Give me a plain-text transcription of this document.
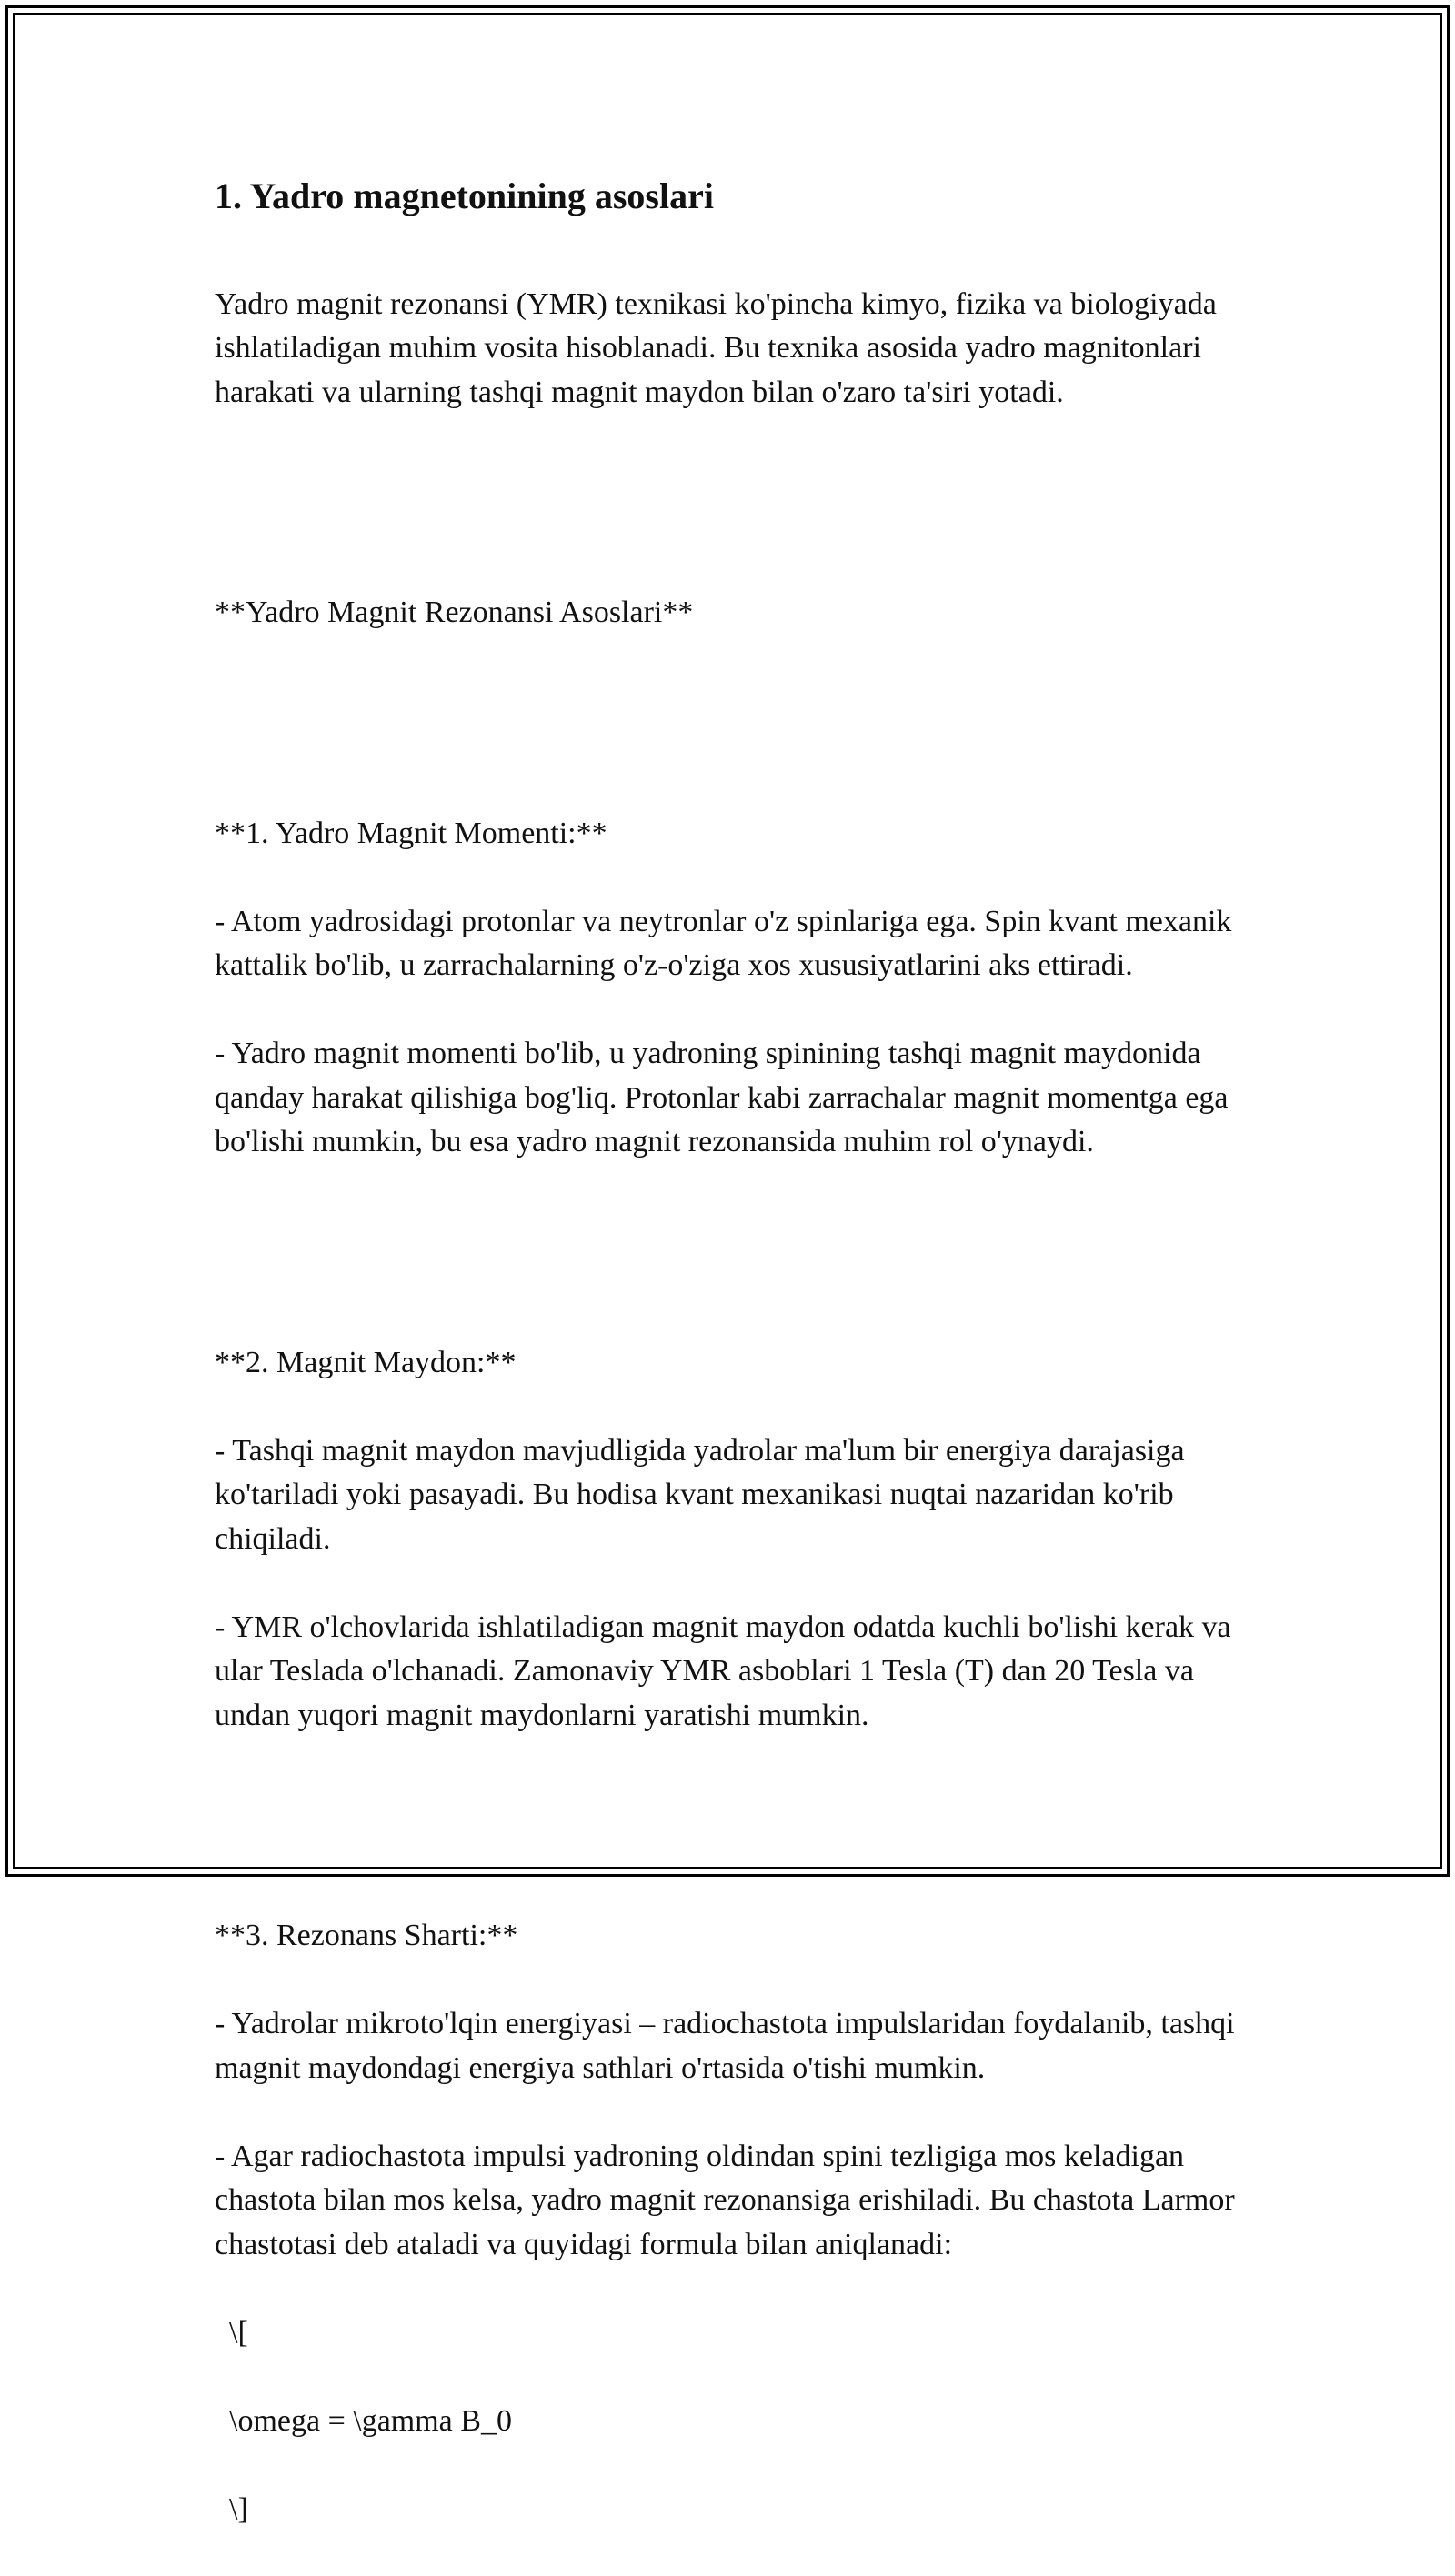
1. Yadro magnetonining asoslari

Yadro magnit rezonansi (YMR) texnikasi ko'pincha kimyo, fizika va biologiyada ishlatiladigan muhim vosita hisoblanadi. Bu texnika asosida yadro magnitonlari harakati va ularning tashqi magnit maydon bilan o'zaro ta'siri yotadi.

**Yadro Magnit Rezonansi Asoslari**

**1. Yadro Magnit Momenti:**

- Atom yadrosidagi protonlar va neytronlar o'z spinlariga ega. Spin kvant mexanik kattalik bo'lib, u zarrachalarning o'z-o'ziga xos xususiyatlarini aks ettiradi.

- Yadro magnit momenti bo'lib, u yadroning spinining tashqi magnit maydonida qanday harakat qilishiga bog'liq. Protonlar kabi zarrachalar magnit momentga ega bo'lishi mumkin, bu esa yadro magnit rezonansida muhim rol o'ynaydi.

**2. Magnit Maydon:**

- Tashqi magnit maydon mavjudligida yadrolar ma'lum bir energiya darajasiga ko'tariladi yoki pasayadi. Bu hodisa kvant mexanikasi nuqtai nazaridan ko'rib chiqiladi.

- YMR o'lchovlarida ishlatiladigan magnit maydon odatda kuchli bo'lishi kerak va ular Teslada o'lchanadi. Zamonaviy YMR asboblari 1 Tesla (T) dan 20 Tesla va undan yuqori magnit maydonlarni yaratishi mumkin.

**3. Rezonans Sharti:**

- Yadrolar mikroto'lqin energiyasi – radiochastota impulslaridan foydalanib, tashqi magnit maydondagi energiya sathlari o'rtasida o'tishi mumkin.

- Agar radiochastota impulsi yadroning oldindan spini tezligiga mos keladigan chastota bilan mos kelsa, yadro magnit rezonansiga erishiladi. Bu chastota Larmor chastotasi deb ataladi va quyidagi formula bilan aniqlanadi:

\[

\omega = \gamma B_0

\]
